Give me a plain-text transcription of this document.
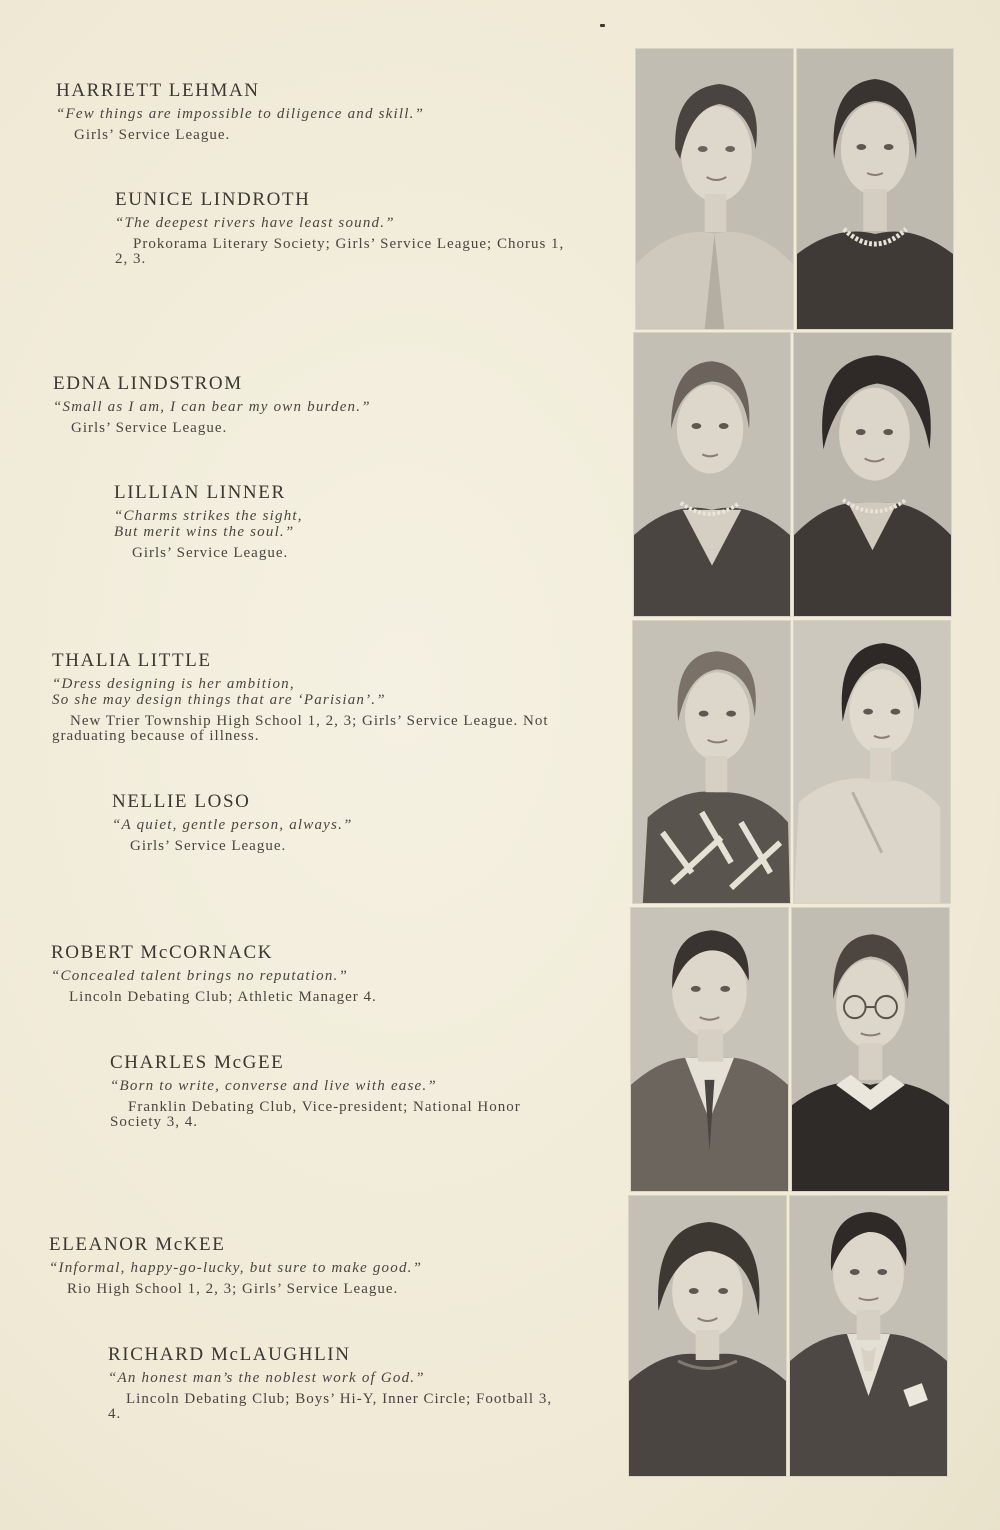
HARRIETT LEHMAN

“Few things are impossible to diligence and skill.”

Girls’ Service League.

EUNICE LINDROTH

“The deepest rivers have least sound.”

Prokorama Literary Society; Girls’ Service League; Chorus 1, 2, 3.

EDNA LINDSTROM

“Small as I am, I can bear my own burden.”

Girls’ Service League.

LILLIAN LINNER

“Charms strikes the sight,
But merit wins the soul.”

Girls’ Service League.

THALIA LITTLE

“Dress designing is her ambition,
So she may design things that are ‘Parisian’.”

New Trier Township High School 1, 2, 3; Girls’ Service League. Not graduating because of illness.

NELLIE LOSO

“A quiet, gentle person, always.”

Girls’ Service League.

ROBERT McCORNACK

“Concealed talent brings no reputation.”

Lincoln Debating Club; Athletic Manager 4.

CHARLES McGEE

“Born to write, converse and live with ease.”

Franklin Debating Club, Vice-president; National Honor Society 3, 4.

ELEANOR McKEE

“Informal, happy-go-lucky, but sure to make good.”

Rio High School 1, 2, 3; Girls’ Service League.

RICHARD McLAUGHLIN

“An honest man’s the noblest work of God.”

Lincoln Debating Club; Boys’ Hi-Y, Inner Circle; Football 3, 4.
